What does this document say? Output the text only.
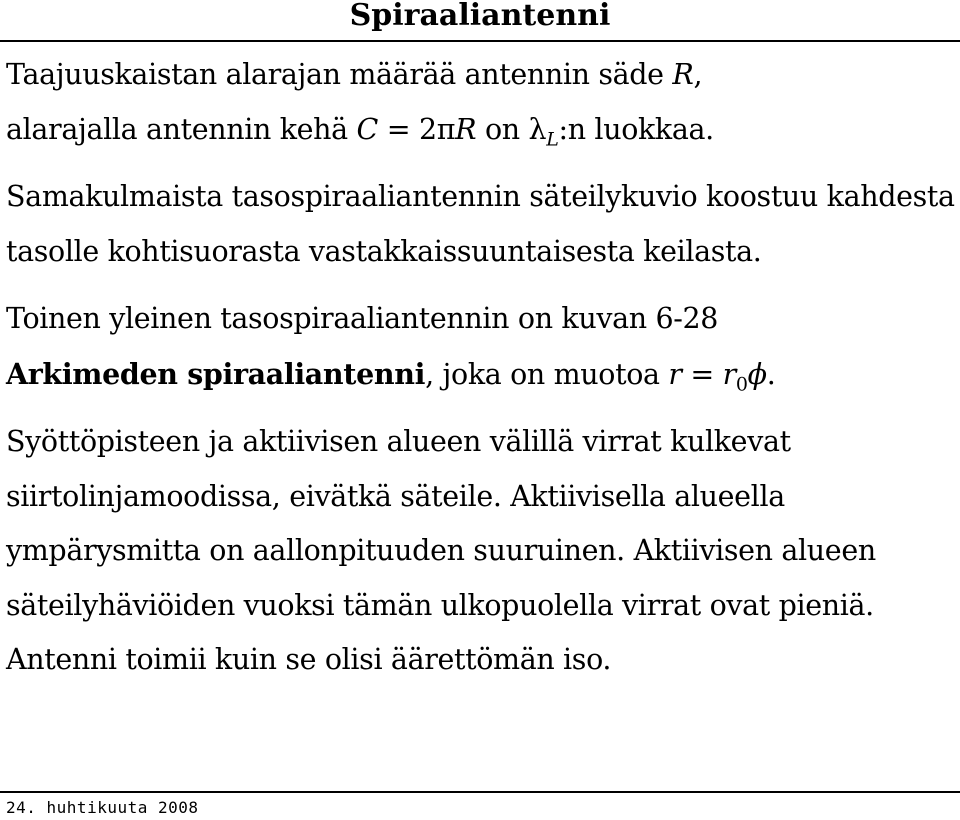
Spiraaliantenni

Taajuuskaistan alarajan määrää antennin säde R,
alarajalla antennin kehä C = 2πR on $\lambda_L:n$ luokkaa.

Samakulmaista tasospiraaliantennin säteilykuvio koostuu kahdesta tasolle kohtisuorasta vastakkaissuuntaisesta keilasta.

Toinen yleinen tasospiraaliantennin on kuvan 6-28
Arkimeden spiraaliantenni, joka on muotoa $r = r_0\phi$.

Syöttöpisteen ja aktiivisen alueen välillä virrat kulkevat siirtolinjamoodissa, eivätkä säteile. Aktiivisella alueella ympärysmitta on aallonpituuden suuruinen. Aktiivisen alueen säteilyhäviöiden vuoksi tämän ulkopuolella virrat ovat pieniä. Antenni toimii kuin se olisi äärettömän iso.

24. huhtikuuta 2008
